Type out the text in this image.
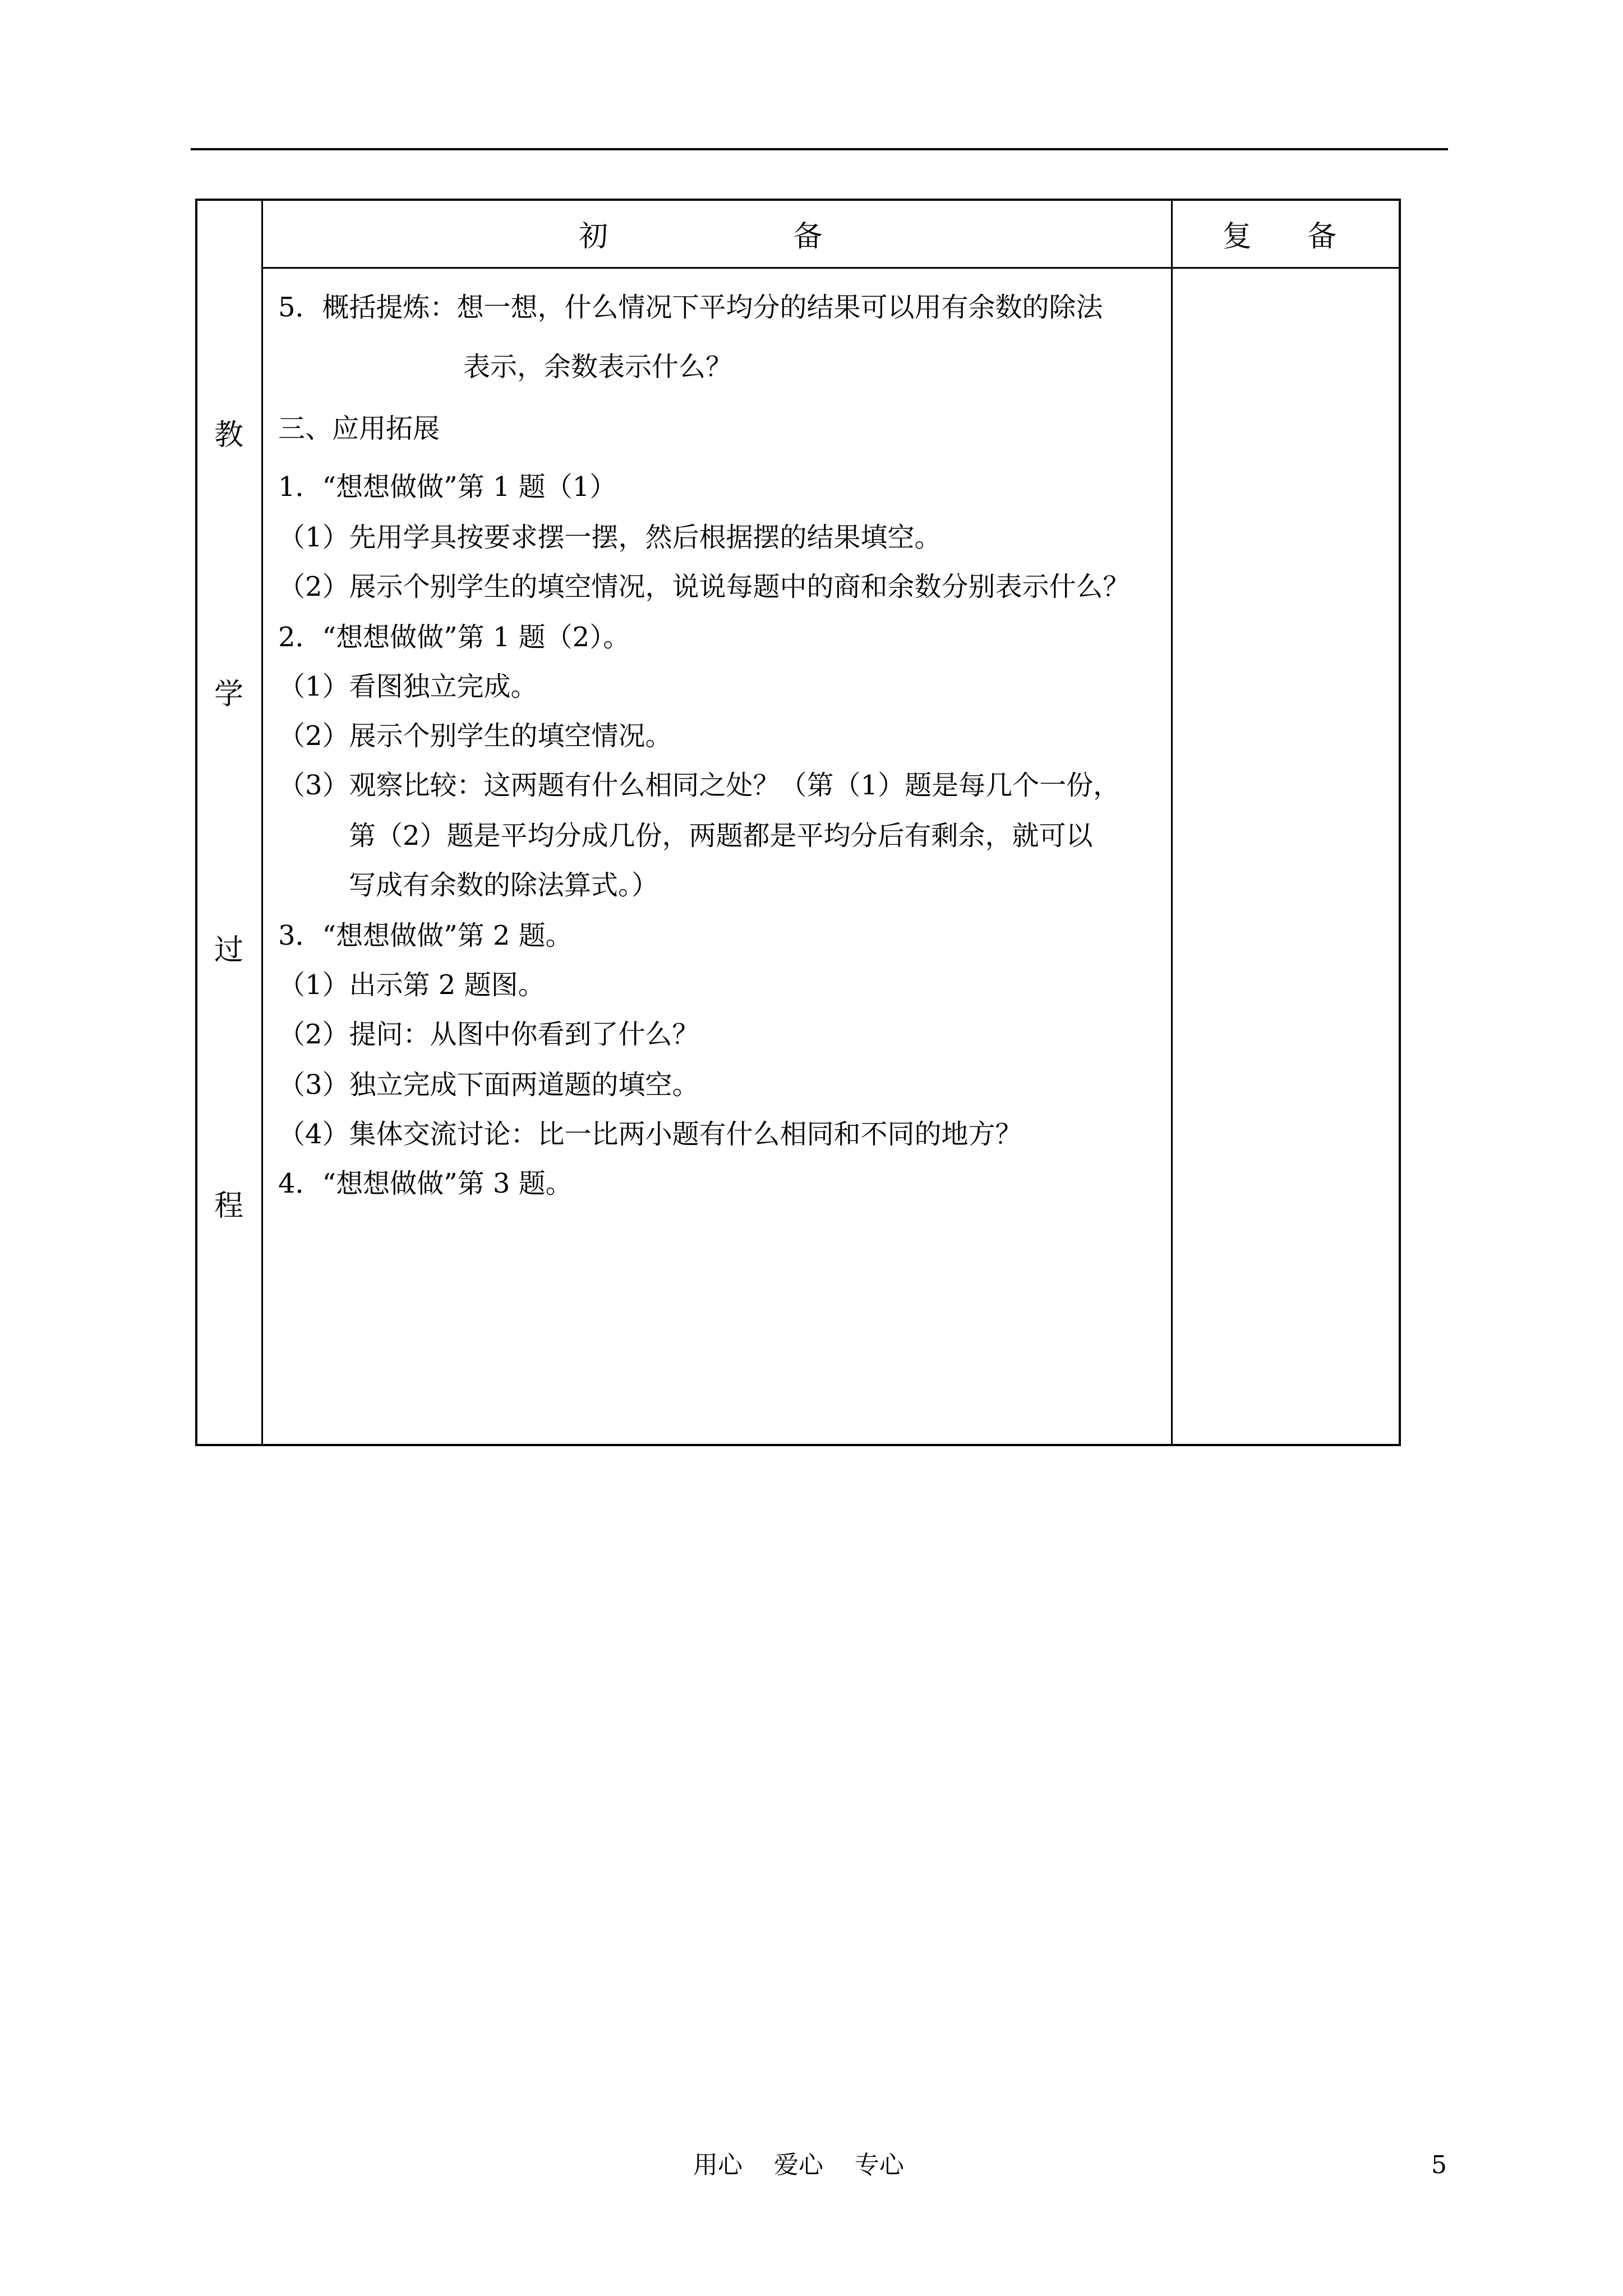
初                    备	复      备
教
学
过
程
5．概括提炼：想一想，什么情况下平均分的结果可以用有余数的除法
表示，余数表示什么？
三、应用拓展
1．“想想做做”第 1 题（1）
（1）先用学具按要求摆一摆，然后根据摆的结果填空。
（2）展示个别学生的填空情况，说说每题中的商和余数分别表示什么？
2．“想想做做”第 1 题（2）。
（1）看图独立完成。
（2）展示个别学生的填空情况。
（3）观察比较：这两题有什么相同之处？（第（1）题是每几个一份，
第（2）题是平均分成几份，两题都是平均分后有剩余，就可以
写成有余数的除法算式。）
3．“想想做做”第 2 题。
（1）出示第 2 题图。
（2）提问：从图中你看到了什么？
（3）独立完成下面两道题的填空。
（4）集体交流讨论：比一比两小题有什么相同和不同的地方？
4．“想想做做”第 3 题。
用心    爱心    专心	5
